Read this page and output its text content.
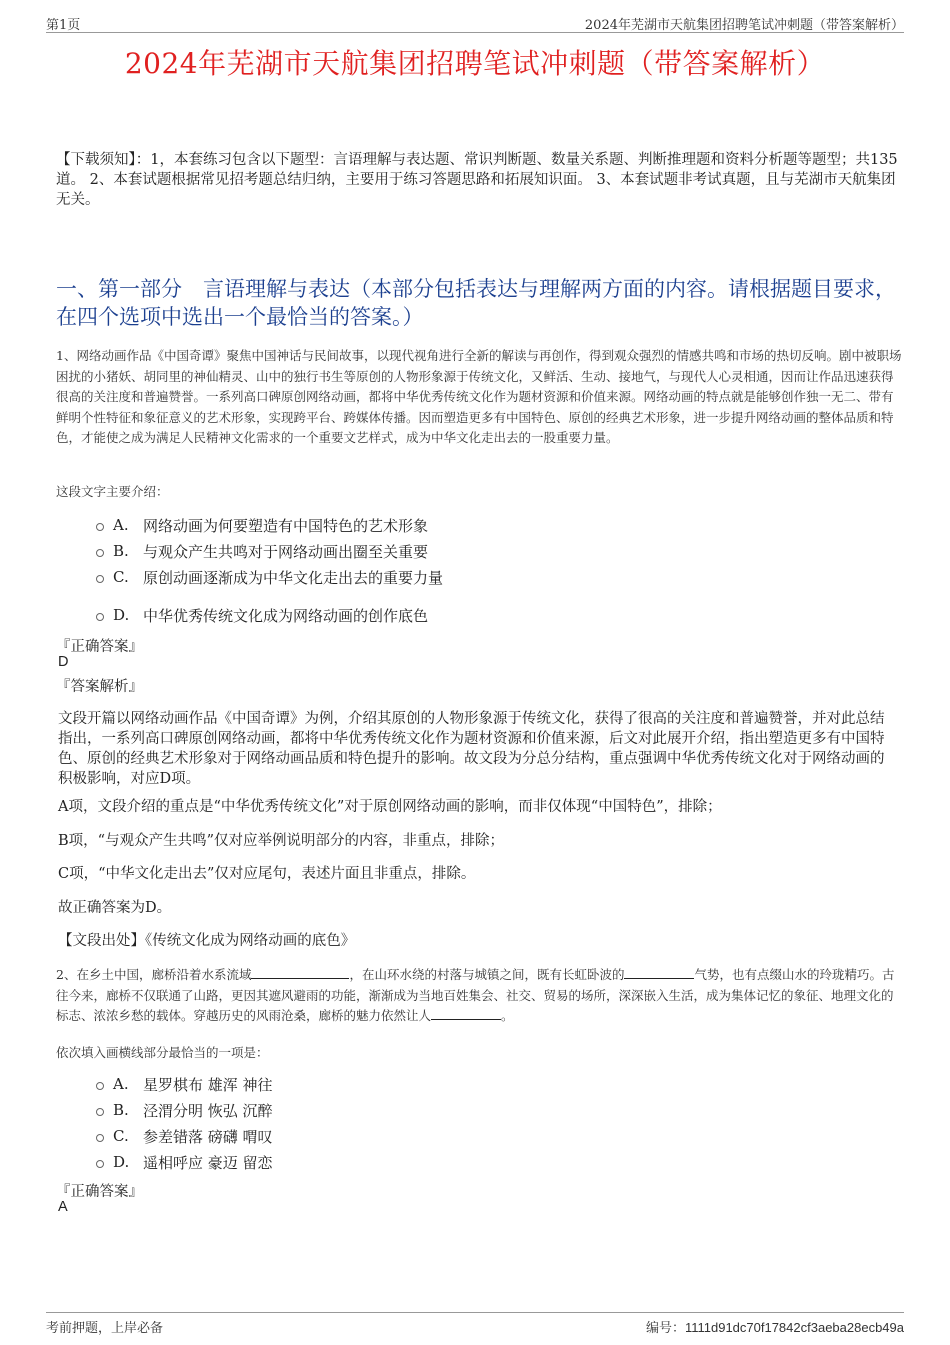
第1页	2024年芜湖市天航集团招聘笔试冲刺题（带答案解析）
2024年芜湖市天航集团招聘笔试冲刺题（带答案解析）
【下载须知】：1，本套练习包含以下题型：言语理解与表达题、常识判断题、数量关系题、判断推理题和资料分析题等题型；共135道。 2、本套试题根据常见招考题总结归纳，主要用于练习答题思路和拓展知识面。 3、本套试题非考试真题，且与芜湖市天航集团无关。
一、第一部分　言语理解与表达（本部分包括表达与理解两方面的内容。请根据题目要求，在四个选项中选出一个最恰当的答案。）
1、网络动画作品《中国奇谭》聚焦中国神话与民间故事，以现代视角进行全新的解读与再创作，得到观众强烈的情感共鸣和市场的热切反响。剧中被职场困扰的小猪妖、胡同里的神仙精灵、山中的独行书生等原创的人物形象源于传统文化，又鲜活、生动、接地气，与现代人心灵相通，因而让作品迅速获得很高的关注度和普遍赞誉。一系列高口碑原创网络动画，都将中华优秀传统文化作为题材资源和价值来源。网络动画的特点就是能够创作独一无二、带有鲜明个性特征和象征意义的艺术形象，实现跨平台、跨媒体传播。因而塑造更多有中国特色、原创的经典艺术形象，进一步提升网络动画的整体品质和特色，才能使之成为满足人民精神文化需求的一个重要文艺样式，成为中华文化走出去的一股重要力量。
这段文字主要介绍：
A. 网络动画为何要塑造有中国特色的艺术形象
B. 与观众产生共鸣对于网络动画出圈至关重要
C. 原创动画逐渐成为中华文化走出去的重要力量
D. 中华优秀传统文化成为网络动画的创作底色
『正确答案』
D
『答案解析』
文段开篇以网络动画作品《中国奇谭》为例，介绍其原创的人物形象源于传统文化，获得了很高的关注度和普遍赞誉，并对此总结指出，一系列高口碑原创网络动画，都将中华优秀传统文化作为题材资源和价值来源，后文对此展开介绍，指出塑造更多有中国特色、原创的经典艺术形象对于网络动画品质和特色提升的影响。故文段为分总分结构，重点强调中华优秀传统文化对于网络动画的积极影响，对应D项。
A项，文段介绍的重点是“中华优秀传统文化”对于原创网络动画的影响，而非仅体现“中国特色”，排除；
B项，“与观众产生共鸣”仅对应举例说明部分的内容，非重点，排除；
C项，“中华文化走出去”仅对应尾句，表述片面且非重点，排除。
故正确答案为D。
【文段出处】《传统文化成为网络动画的底色》
2、在乡土中国，廊桥沿着水系流域	，在山环水绕的村落与城镇之间，既有长虹卧波的	气势，也有点缀山水的玲珑精巧。古往今来，廊桥不仅联通了山路，更因其遮风避雨的功能，渐渐成为当地百姓集会、社交、贸易的场所，深深嵌入生活，成为集体记忆的象征、地理文化的标志、浓浓乡愁的载体。穿越历史的风雨沧桑，廊桥的魅力依然让人	。
依次填入画横线部分最恰当的一项是：
A. 星罗棋布 雄浑 神往
B. 泾渭分明 恢弘 沉醉
C. 参差错落 磅礴 喟叹
D. 遥相呼应 豪迈 留恋
『正确答案』
A
考前押题，上岸必备	编号：1111d91dc70f17842cf3aeba28ecb49a
